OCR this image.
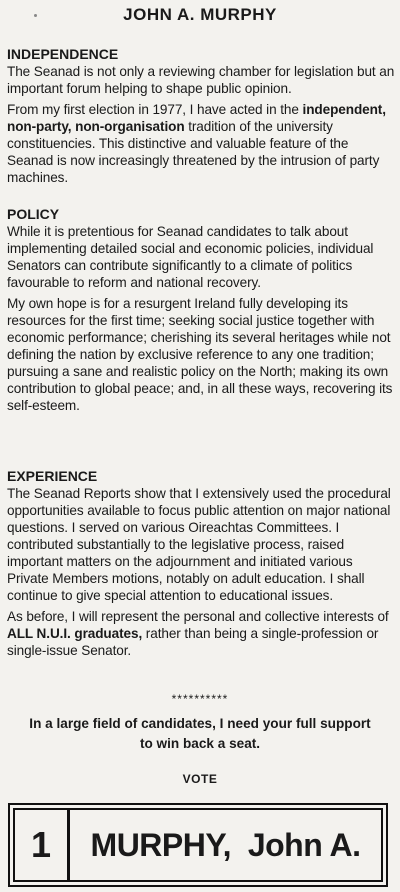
JOHN A. MURPHY

INDEPENDENCE

The Seanad is not only a reviewing chamber for legislation but an important forum helping to shape public opinion.

From my first election in 1977, I have acted in the independent, non-party, non-organisation tradition of the university constituencies. This distinctive and valuable feature of the Seanad is now increasingly threatened by the intrusion of party machines.

POLICY

While it is pretentious for Seanad candidates to talk about implementing detailed social and economic policies, individual Senators can contribute significantly to a climate of politics favourable to reform and national recovery.

My own hope is for a resurgent Ireland fully developing its resources for the first time; seeking social justice together with economic performance; cherishing its several heritages while not defining the nation by exclusive reference to any one tradition; pursuing a sane and realistic policy on the North; making its own contribution to global peace; and, in all these ways, recovering its self-esteem.

EXPERIENCE

The Seanad Reports show that I extensively used the procedural opportunities available to focus public attention on major national questions. I served on various Oireachtas Committees. I contributed substantially to the legislative process, raised important matters on the adjournment and initiated various Private Members motions, notably on adult education. I shall continue to give special attention to educational issues.

As before, I will represent the personal and collective interests of ALL N.U.I. graduates, rather than being a single-profession or single-issue Senator.

**********
In a large field of candidates, I need your full support
to win back a seat.
VOTE
1	MURPHY,  John A.
